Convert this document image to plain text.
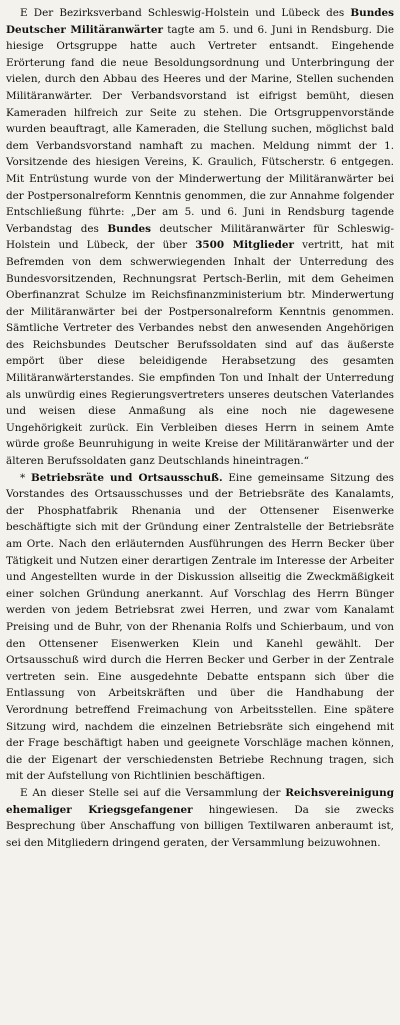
E Der Bezirksverband Schleswig-Holstein und Lübeck des Bundes Deutscher Militäranwärter tagte am 5. und 6. Juni in Rendsburg. Die hiesige Ortsgruppe hatte auch Vertreter entsandt. Eingehende Erörterung fand die neue Besoldungsordnung und Unterbringung der vielen, durch den Abbau des Heeres und der Marine, Stellen suchenden Militäranwärter. Der Verbandsvorstand ist eifrigst bemüht, diesen Kameraden hilfreich zur Seite zu stehen. Die Ortsgruppenvorstände wurden beauftragt, alle Kameraden, die Stellung suchen, möglichst bald dem Verbandsvorstand namhaft zu machen. Meldung nimmt der 1. Vorsitzende des hiesigen Vereins, K. Graulich, Fütscherstr. 6 entgegen. Mit Entrüstung wurde von der Minderwertung der Militäranwärter bei der Postpersonalreform Kenntnis genommen, die zur Annahme folgender Entschließung führte: „Der am 5. und 6. Juni in Rendsburg tagende Verbandstag des Bundes deutscher Militäranwärter für Schleswig-Holstein und Lübeck, der über 3500 Mitglieder vertritt, hat mit Befremden von dem schwerwiegenden Inhalt der Unterredung des Bundesvorsitzenden, Rechnungsrat Pertsch-Berlin, mit dem Geheimen Oberfinanzrat Schulze im Reichsfinanzministerium btr. Minderwertung der Militäranwärter bei der Postpersonalreform Kenntnis genommen. Sämtliche Vertreter des Verbandes nebst den anwesenden Angehörigen des Reichsbundes Deutscher Berufssoldaten sind auf das äußerste empört über diese beleidigende Herabsetzung des gesamten Militäranwärterstandes. Sie empfinden Ton und Inhalt der Unterredung als unwürdig eines Regierungsvertreters unseres deutschen Vaterlandes und weisen diese Anmaßung als eine noch nie dagewesene Ungehörigkeit zurück. Ein Verbleiben dieses Herrn in seinem Amte würde große Beunruhigung in weite Kreise der Militäranwärter und der älteren Berufssoldaten ganz Deutschlands hineintragen.“

* Betriebsräte und Ortsausschuß. Eine gemeinsame Sitzung des Vorstandes des Ortsausschusses und der Betriebsräte des Kanalamts, der Phosphatfabrik Rhenania und der Ottensener Eisenwerke beschäftigte sich mit der Gründung einer Zentralstelle der Betriebsräte am Orte. Nach den erläuternden Ausführungen des Herrn Becker über Tätigkeit und Nutzen einer derartigen Zentrale im Interesse der Arbeiter und Angestellten wurde in der Diskussion allseitig die Zweckmäßigkeit einer solchen Gründung anerkannt. Auf Vorschlag des Herrn Bünger werden von jedem Betriebsrat zwei Herren, und zwar vom Kanalamt Preising und de Buhr, von der Rhenania Rolfs und Schierbaum, und von den Ottensener Eisenwerken Klein und Kanehl gewählt. Der Ortsausschuß wird durch die Herren Becker und Gerber in der Zentrale vertreten sein. Eine ausgedehnte Debatte entspann sich über die Entlassung von Arbeitskräften und über die Handhabung der Verordnung betreffend Freimachung von Arbeitsstellen. Eine spätere Sitzung wird, nachdem die einzelnen Betriebsräte sich eingehend mit der Frage beschäftigt haben und geeignete Vorschläge machen können, die der Eigenart der verschiedensten Betriebe Rechnung tragen, sich mit der Aufstellung von Richtlinien beschäftigen.

E An dieser Stelle sei auf die Versammlung der Reichsvereinigung ehemaliger Kriegsgefangener hingewiesen. Da sie zwecks Besprechung über Anschaffung von billigen Textilwaren anberaumt ist, sei den Mitgliedern dringend geraten, der Versammlung beizuwohnen.
